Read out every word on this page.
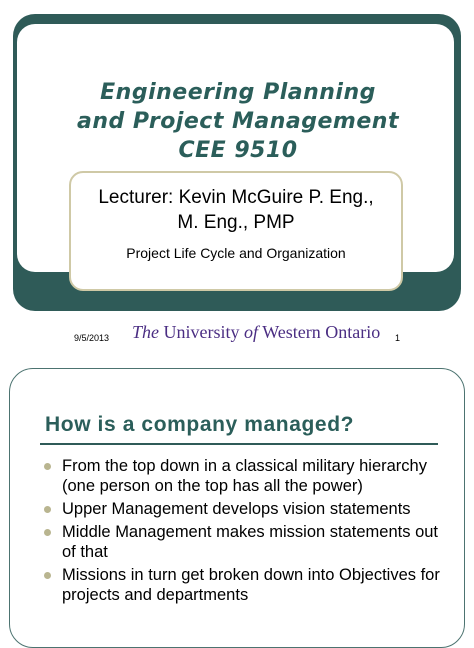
Engineering Planning
and Project Management
CEE 9510
Lecturer: Kevin McGuire P. Eng.,
M. Eng., PMP
Project Life Cycle and Organization
9/5/2013 The University of Western Ontario 1
How is a company managed?
From the top down in a classical military hierarchy (one person on the top has all the power)
Upper Management develops vision statements
Middle Management makes mission statements out of that
Missions in turn get broken down into Objectives for projects and departments
